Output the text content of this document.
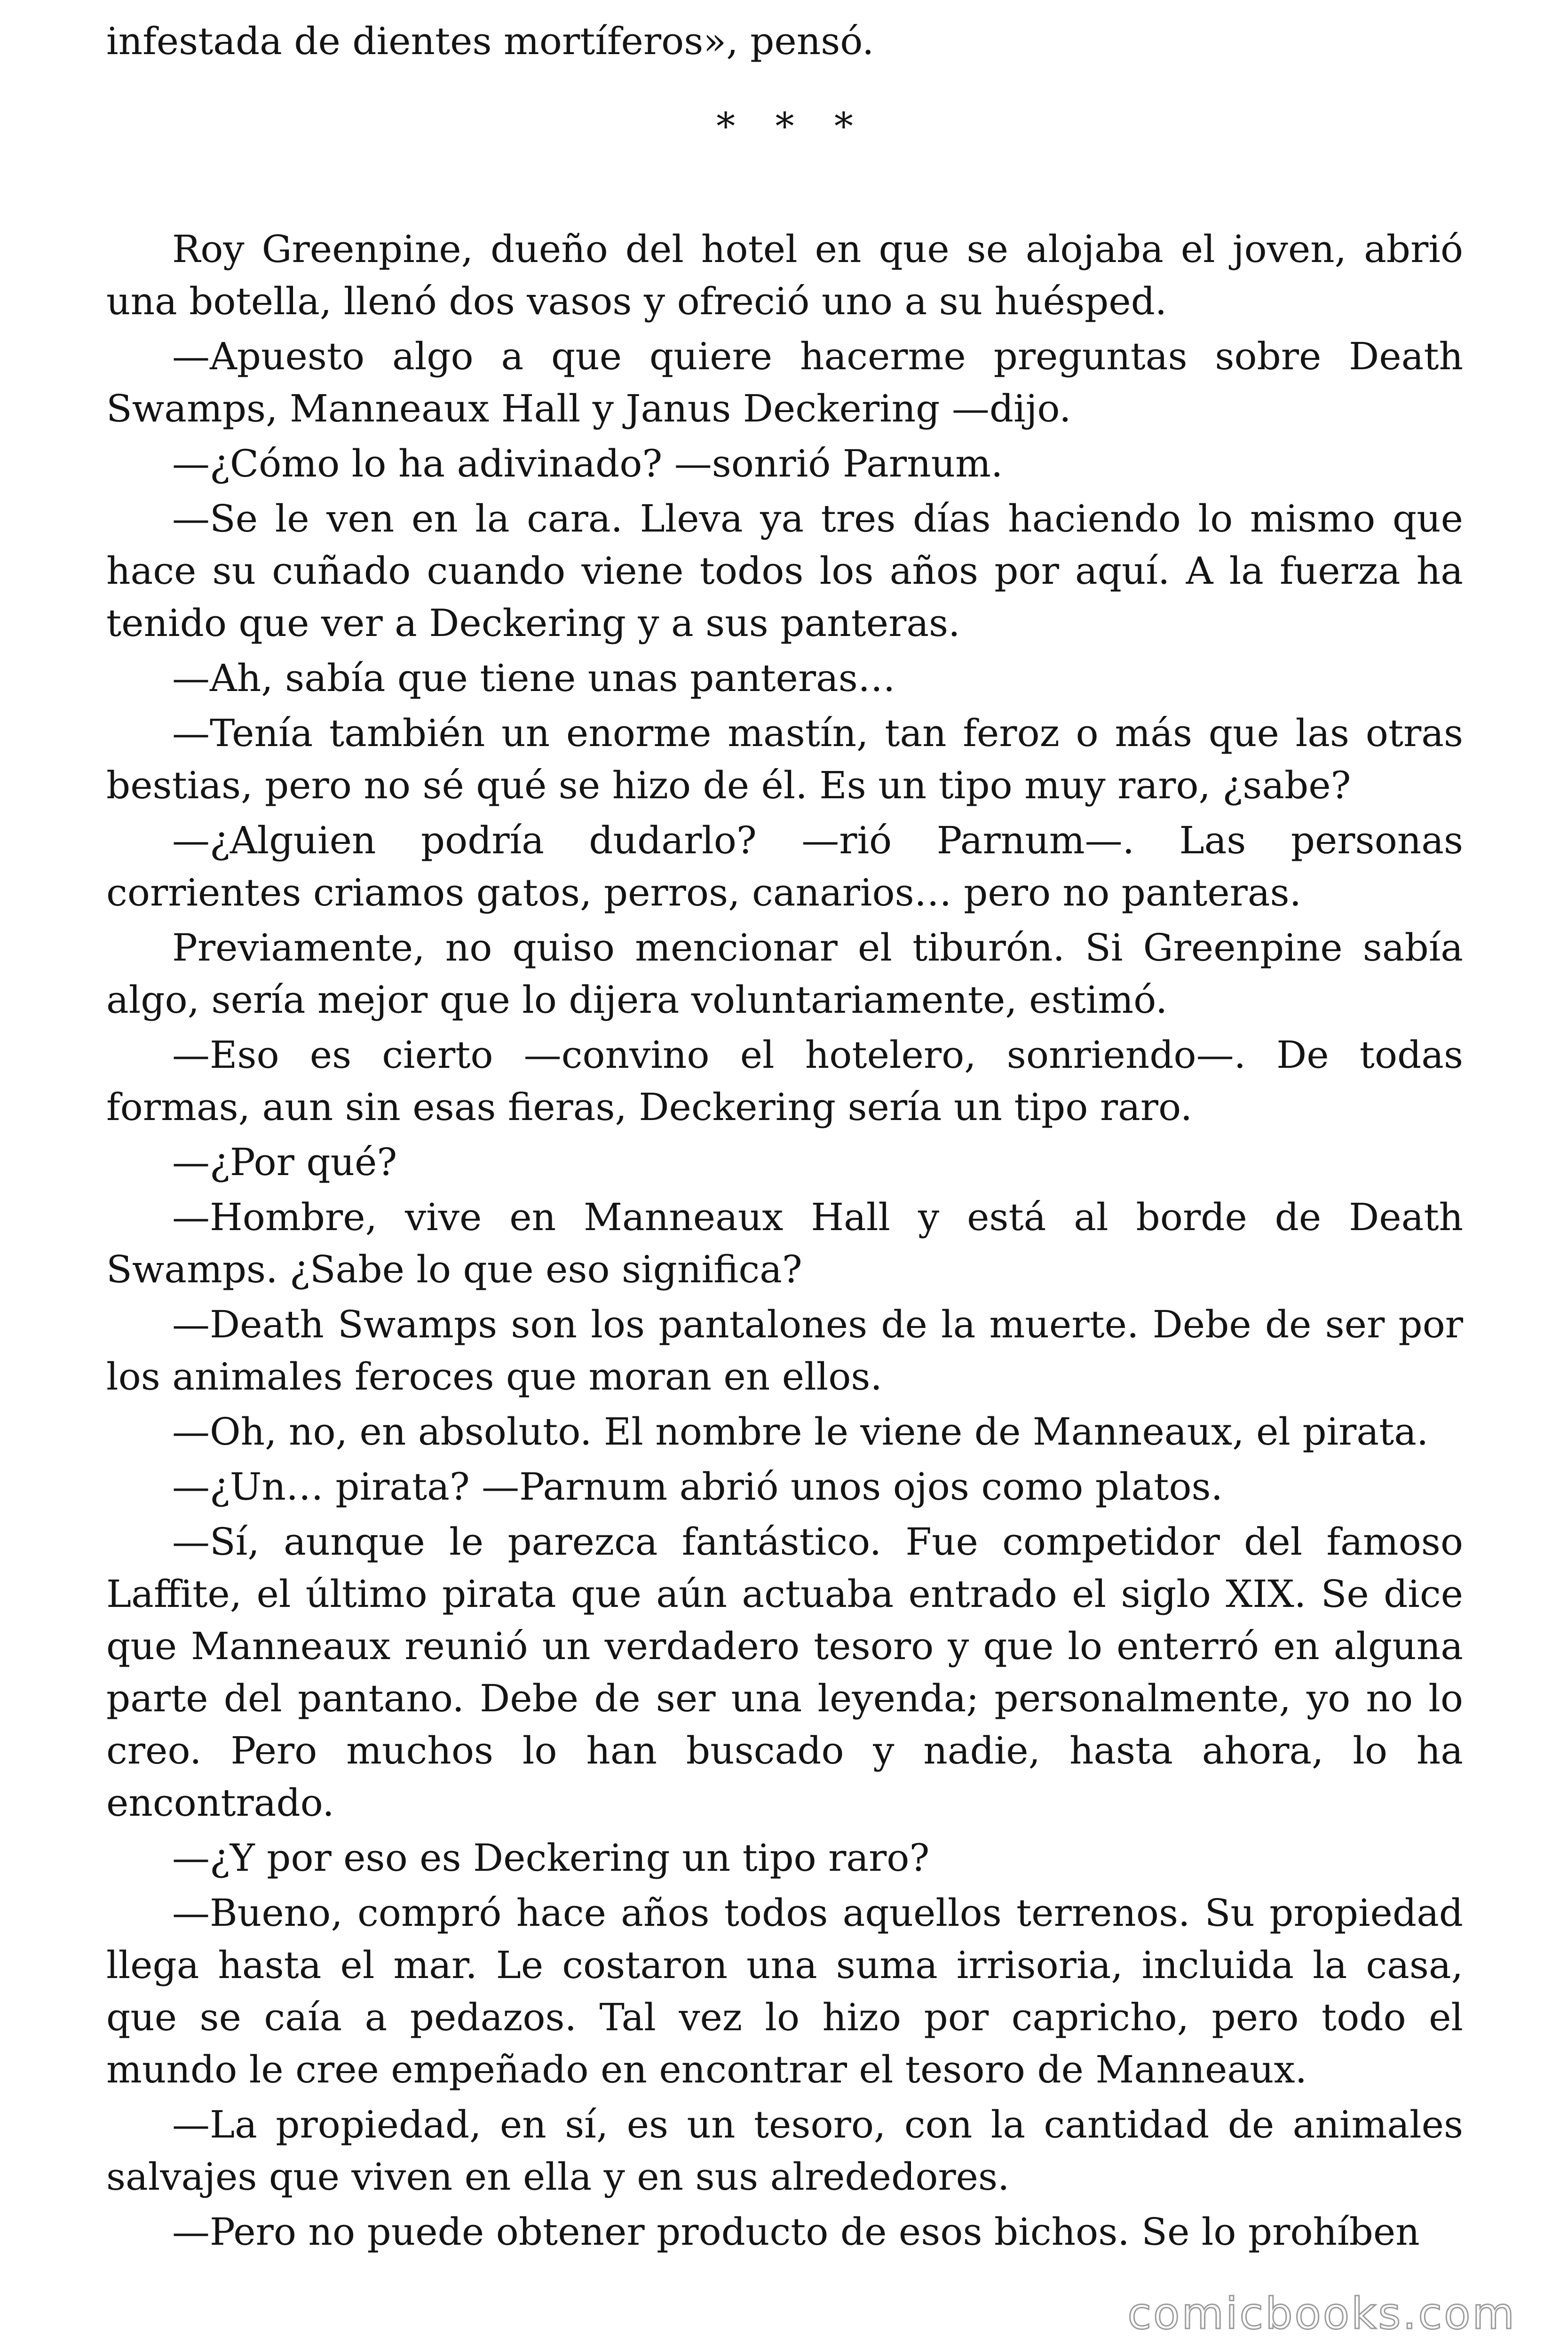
infestada de dientes mortíferos», pensó.

* * *

Roy Greenpine, dueño del hotel en que se alojaba el joven, abrió una botella, llenó dos vasos y ofreció uno a su huésped.

—Apuesto algo a que quiere hacerme preguntas sobre Death Swamps, Manneaux Hall y Janus Deckering —dijo.

—¿Cómo lo ha adivinado? —sonrió Parnum.

—Se le ven en la cara. Lleva ya tres días haciendo lo mismo que hace su cuñado cuando viene todos los años por aquí. A la fuerza ha tenido que ver a Deckering y a sus panteras.

—Ah, sabía que tiene unas panteras…

—Tenía también un enorme mastín, tan feroz o más que las otras bestias, pero no sé qué se hizo de él. Es un tipo muy raro, ¿sabe?

—¿Alguien podría dudarlo? —rió Parnum—. Las personas corrientes criamos gatos, perros, canarios… pero no panteras.

Previamente, no quiso mencionar el tiburón. Si Greenpine sabía algo, sería mejor que lo dijera voluntariamente, estimó.

—Eso es cierto —convino el hotelero, sonriendo—. De todas formas, aun sin esas fieras, Deckering sería un tipo raro.

—¿Por qué?

—Hombre, vive en Manneaux Hall y está al borde de Death Swamps. ¿Sabe lo que eso significa?

—Death Swamps son los pantalones de la muerte. Debe de ser por los animales feroces que moran en ellos.

—Oh, no, en absoluto. El nombre le viene de Manneaux, el pirata.

—¿Un… pirata? —Parnum abrió unos ojos como platos.

—Sí, aunque le parezca fantástico. Fue competidor del famoso Laffite, el último pirata que aún actuaba entrado el siglo XIX. Se dice que Manneaux reunió un verdadero tesoro y que lo enterró en alguna parte del pantano. Debe de ser una leyenda; personalmente, yo no lo creo. Pero muchos lo han buscado y nadie, hasta ahora, lo ha encontrado.

—¿Y por eso es Deckering un tipo raro?

—Bueno, compró hace años todos aquellos terrenos. Su propiedad llega hasta el mar. Le costaron una suma irrisoria, incluida la casa, que se caía a pedazos. Tal vez lo hizo por capricho, pero todo el mundo le cree empeñado en encontrar el tesoro de Manneaux.

—La propiedad, en sí, es un tesoro, con la cantidad de animales salvajes que viven en ella y en sus alrededores.

—Pero no puede obtener producto de esos bichos. Se lo prohíben

comicbooks.com
